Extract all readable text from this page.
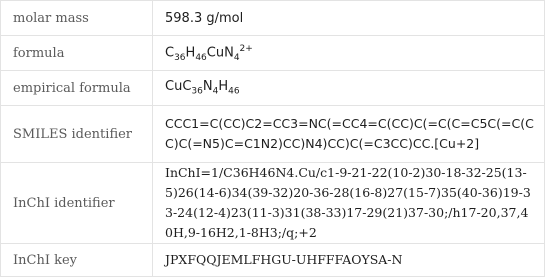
molar mass	598.3 g/mol
formula	$C_{36}H_{46}CuN_4^{2+}$
empirical formula	$CuC_{36}N_4H_{46}$
SMILES identifier	CCC1=C(CC)C2=CC3=NC(=CC4=C(CC)C(=C(C=C5C(=C(CC)C(=N5)C=C1N2)CC)N4)CC)C(=C3CC)CC.[Cu+2]
InChI identifier	InChI=1/C36H46N4.Cu/c1-9-21-22(10-2)30-18-32-25(13-5)26(14-6)34(39-32)20-36-28(16-8)27(15-7)35(40-36)19-33-24(12-4)23(11-3)31(38-33)17-29(21)37-30;/h17-20,37,40H,9-16H2,1-8H3;/q;+2
InChI key	JPXFQQJEMLFHGU-UHFFFAOYSA-N
